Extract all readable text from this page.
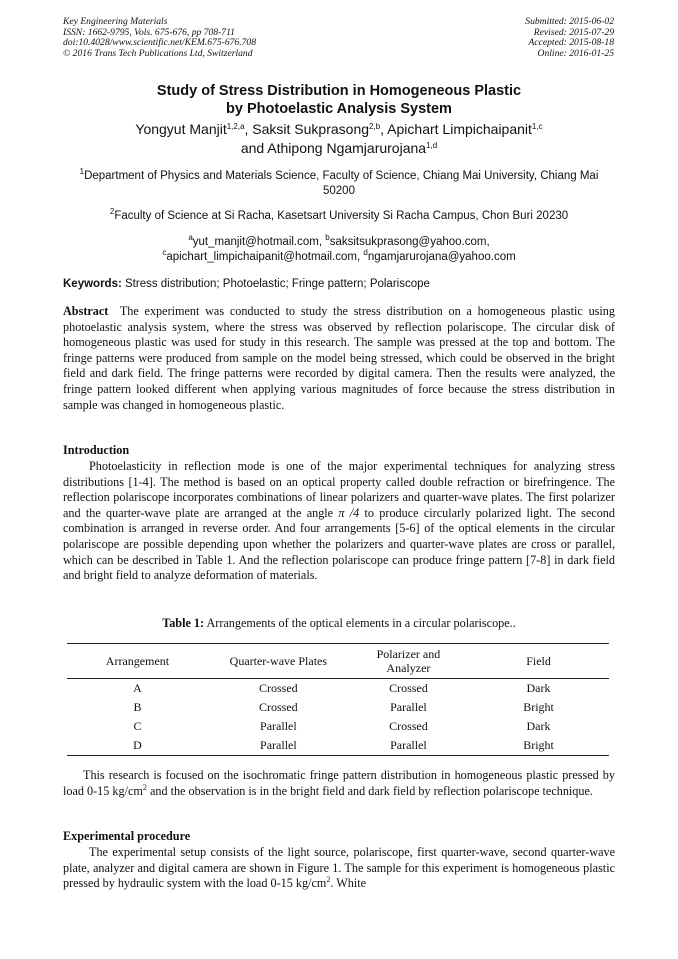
Key Engineering Materials
ISSN: 1662-9795, Vols. 675-676, pp 708-711
doi:10.4028/www.scientific.net/KEM.675-676.708
© 2016 Trans Tech Publications Ltd, Switzerland
Submitted: 2015-06-02
Revised: 2015-07-29
Accepted: 2015-08-18
Online: 2016-01-25
Study of Stress Distribution in Homogeneous Plastic
by Photoelastic Analysis System
Yongyut Manjit$^{1,2,a}$, Saksit Sukprasong$^{2,b}$, Apichart Limpichaipanit$^{1,c}$
and Athipong Ngamjarurojana$^{1,d}$
$^1$Department of Physics and Materials Science, Faculty of Science, Chiang Mai University, Chiang Mai 50200
$^2$Faculty of Science at Si Racha, Kasetsart University Si Racha Campus, Chon Buri 20230
$^a$yut_manjit@hotmail.com, $^b$saksitsukprasong@yahoo.com,
$^c$apichart_limpichaipanit@hotmail.com, $^d$ngamjarurojana@yahoo.com
Keywords: Stress distribution; Photoelastic; Fringe pattern; Polariscope
Abstract The experiment was conducted to study the stress distribution on a homogeneous plastic using photoelastic analysis system, where the stress was observed by reflection polariscope. The circular disk of homogeneous plastic was used for study in this research. The sample was pressed at the top and bottom. The fringe patterns were produced from sample on the model being stressed, which could be observed in the bright field and dark field. The fringe patterns were recorded by digital camera. Then the results were analyzed, the fringe pattern looked different when applying various magnitudes of force because the stress distribution in sample was changed in homogeneous plastic.
Introduction
Photoelasticity in reflection mode is one of the major experimental techniques for analyzing stress distributions [1-4]. The method is based on an optical property called double refraction or birefringence. The reflection polariscope incorporates combinations of linear polarizers and quarter-wave plates. The first polarizer and the quarter-wave plate are arranged at the angle π /4 to produce circularly polarized light. The second combination is arranged in reverse order. And four arrangements [5-6] of the optical elements in the circular polariscope are possible depending upon whether the polarizers and quarter-wave plates are cross or parallel, which can be described in Table 1. And the reflection polariscope can produce fringe pattern [7-8] in dark field and bright field to analyze deformation of materials.
Table 1: Arrangements of the optical elements in a circular polariscope..
Arrangement	Quarter-wave Plates	Polarizer and Analyzer	Field
A	Crossed	Crossed	Dark
B	Crossed	Parallel	Bright
C	Parallel	Crossed	Dark
D	Parallel	Parallel	Bright
This research is focused on the isochromatic fringe pattern distribution in homogeneous plastic pressed by load 0-15 $kg/cm^2$ and the observation is in the bright field and dark field by reflection polariscope technique.
Experimental procedure
The experimental setup consists of the light source, polariscope, first quarter-wave, second quarter-wave plate, analyzer and digital camera are shown in Figure 1. The sample for this experiment is homogeneous plastic pressed by hydraulic system with the load 0-15 $kg/cm^2$. White
